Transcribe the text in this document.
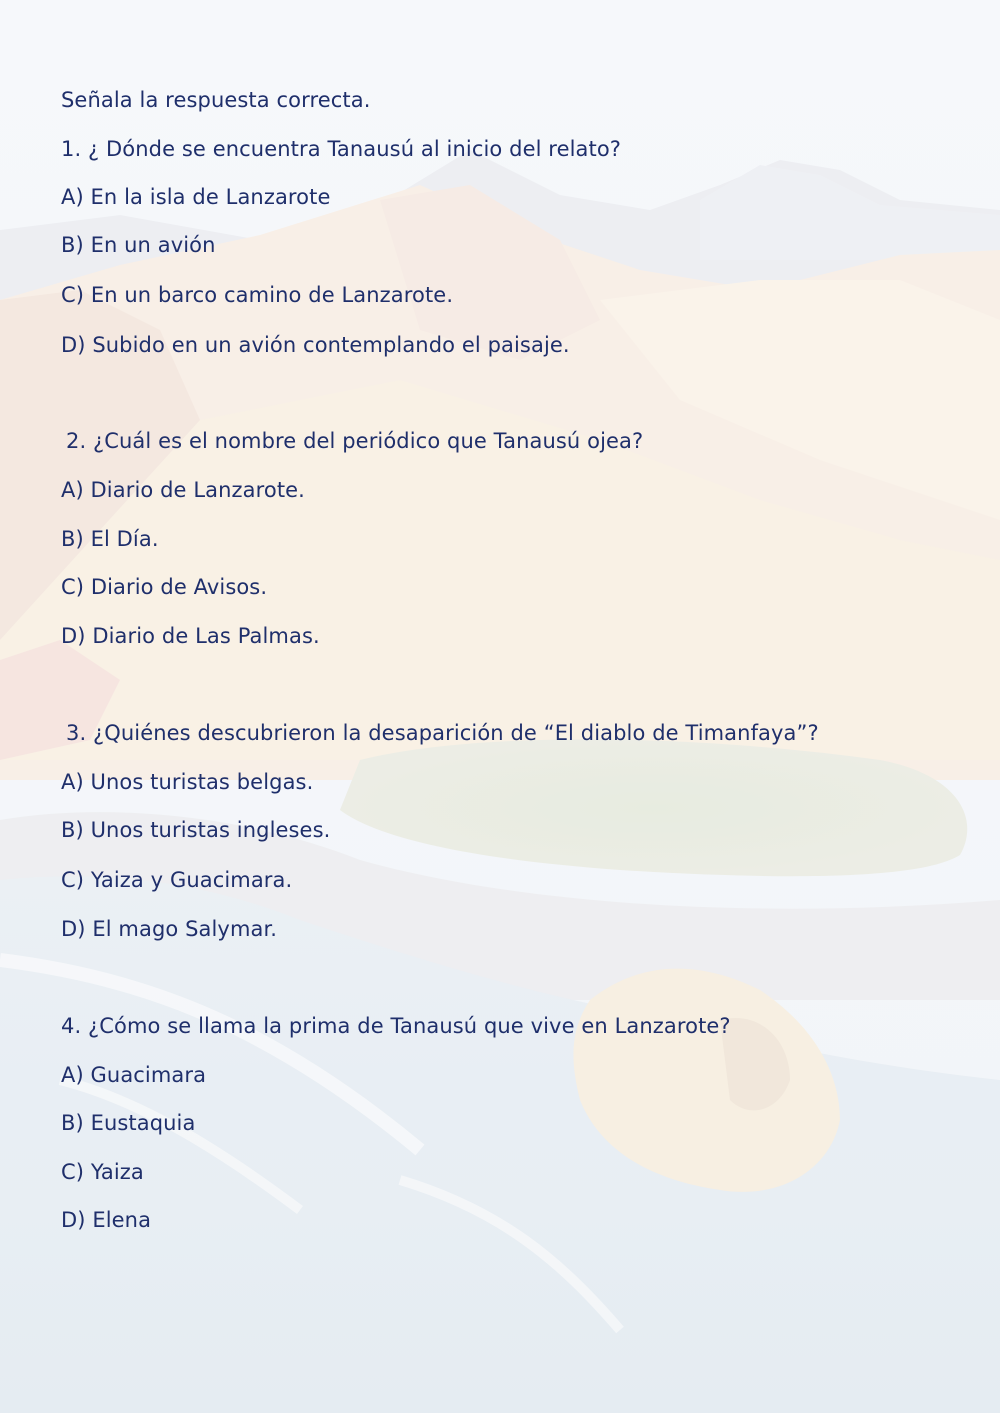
Señala la respuesta correcta.
1. ¿ Dónde se encuentra Tanausú al inicio del relato?
A) En la isla de Lanzarote
B) En un avión
C) En un barco camino de Lanzarote.
D) Subido en un avión contemplando el paisaje.
2. ¿Cuál es el nombre del periódico que Tanausú ojea?
A) Diario de Lanzarote.
B) El Día.
C) Diario de Avisos.
D) Diario de Las Palmas.
3. ¿Quiénes descubrieron la desaparición de “El diablo de Timanfaya”?
A) Unos turistas belgas.
B) Unos turistas ingleses.
C) Yaiza y Guacimara.
D) El mago Salymar.
4. ¿Cómo se llama la prima de Tanausú que vive en Lanzarote?
A) Guacimara
B) Eustaquia
C) Yaiza
D) Elena
